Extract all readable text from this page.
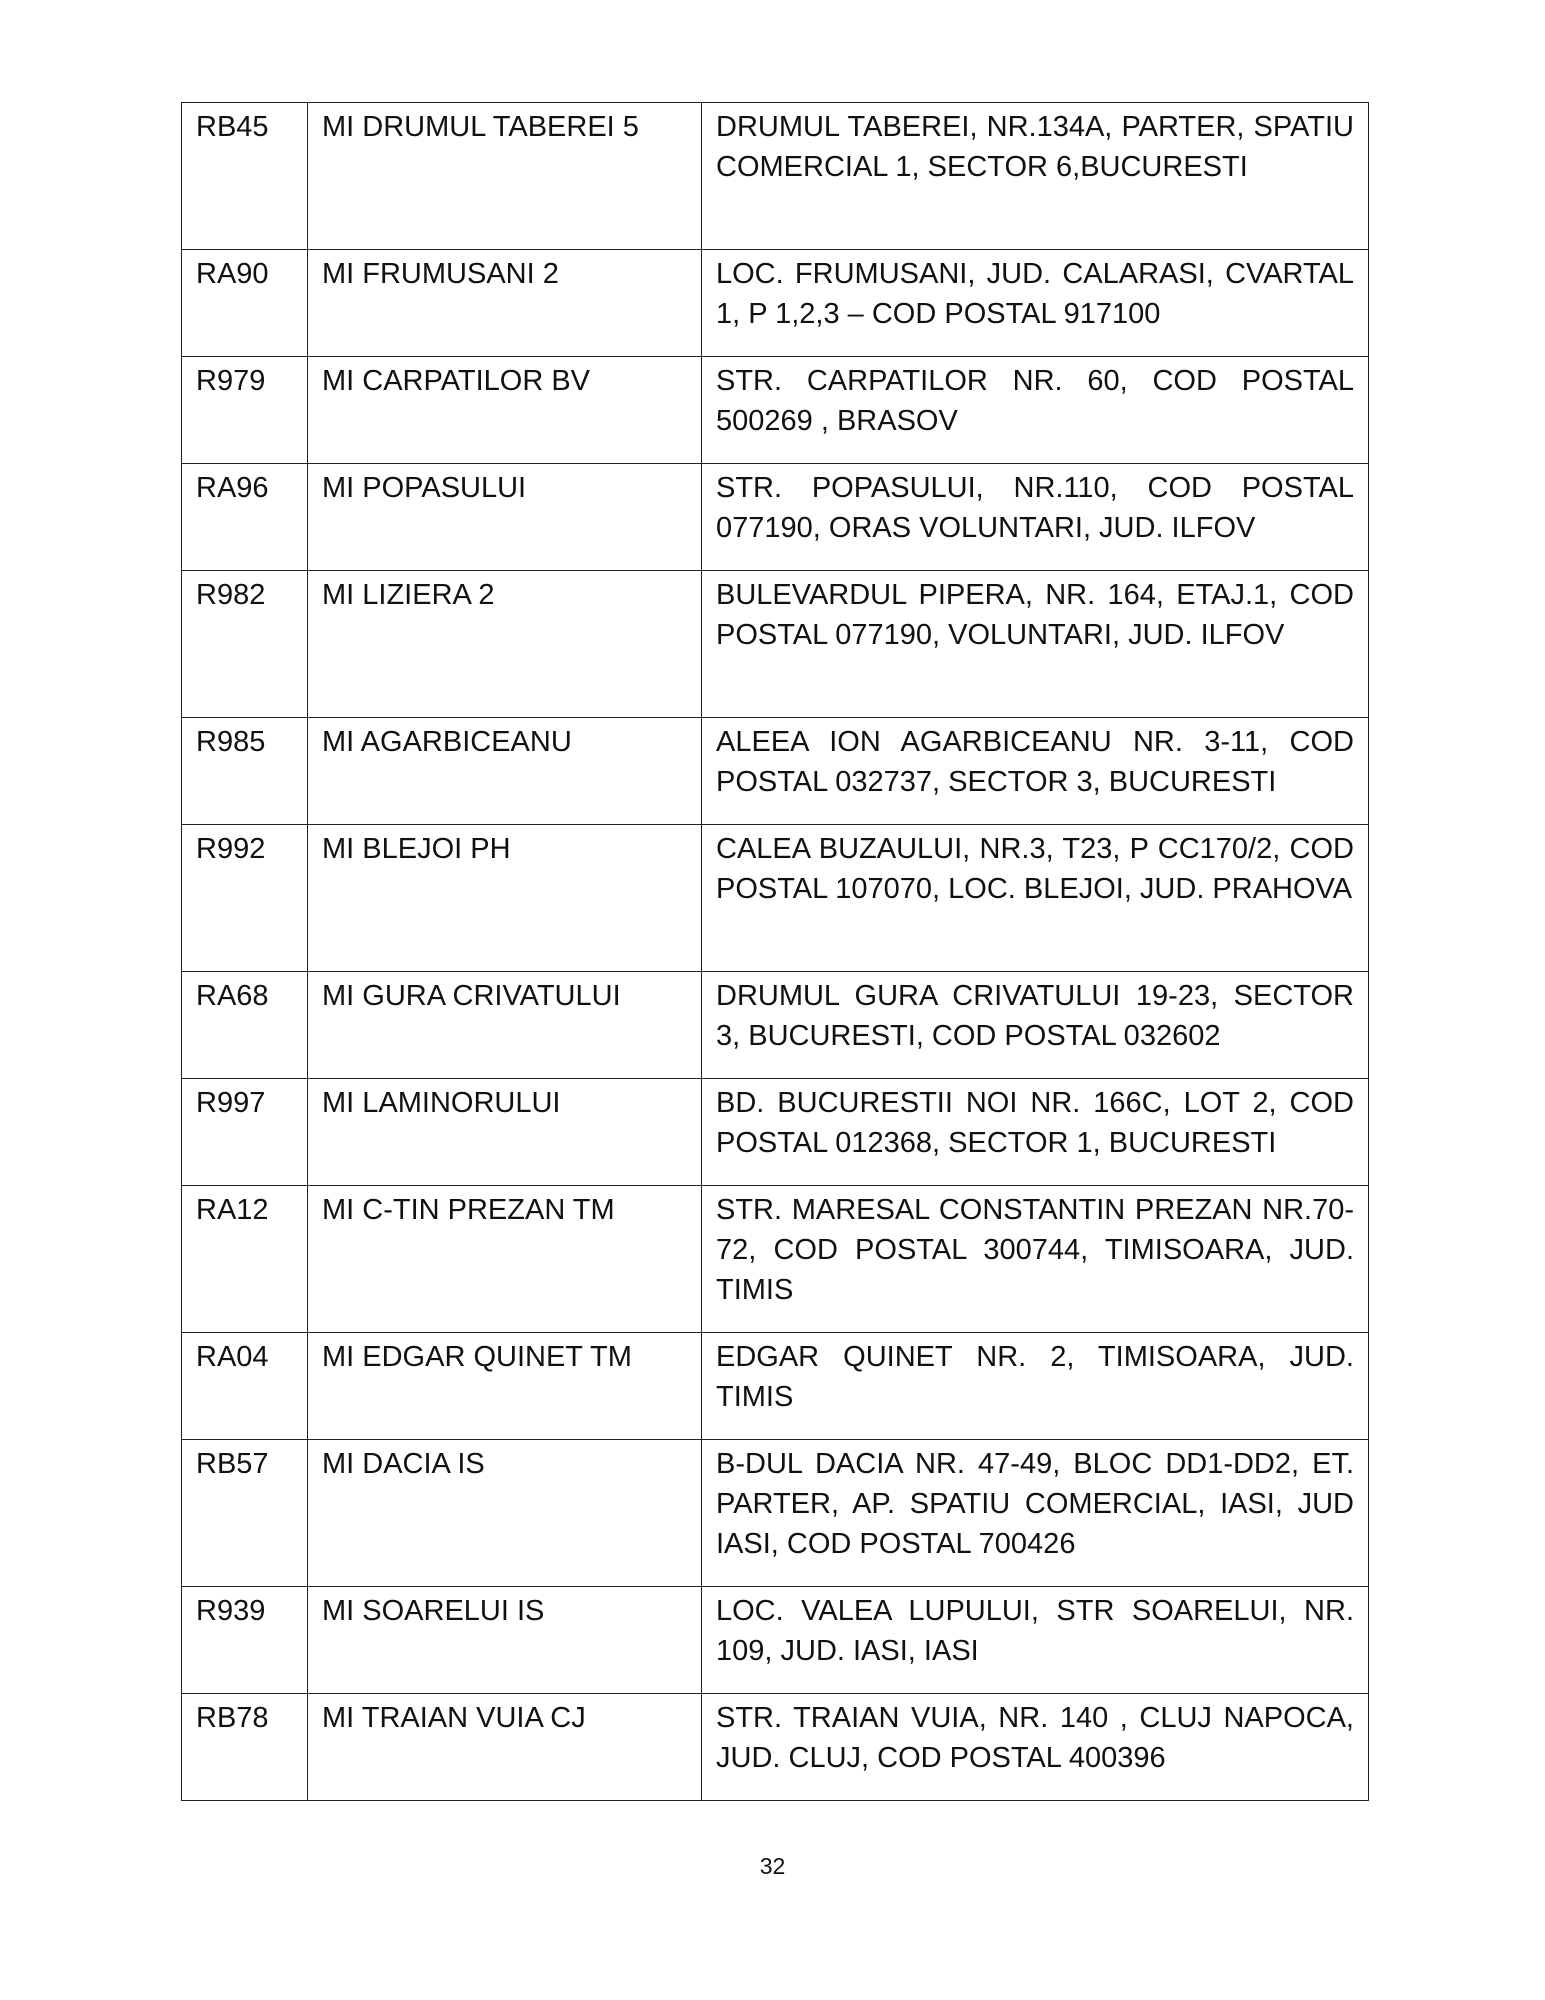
RB45	MI DRUMUL TABEREI 5	DRUMUL TABEREI, NR.134A, PARTER, SPATIU COMERCIAL 1, SECTOR 6,BUCURESTI
RA90	MI FRUMUSANI 2	LOC. FRUMUSANI, JUD. CALARASI, CVARTAL 1, P 1,2,3 – COD POSTAL 917100
R979	MI CARPATILOR BV	STR. CARPATILOR NR. 60, COD POSTAL 500269 , BRASOV
RA96	MI POPASULUI	STR. POPASULUI, NR.110, COD POSTAL 077190, ORAS VOLUNTARI, JUD. ILFOV
R982	MI LIZIERA 2	BULEVARDUL PIPERA, NR. 164, ETAJ.1, COD POSTAL 077190, VOLUNTARI, JUD. ILFOV
R985	MI AGARBICEANU	ALEEA ION AGARBICEANU NR. 3-11, COD POSTAL 032737, SECTOR 3, BUCURESTI
R992	MI BLEJOI PH	CALEA BUZAULUI, NR.3, T23, P CC170/2, COD POSTAL 107070, LOC. BLEJOI, JUD. PRAHOVA
RA68	MI GURA CRIVATULUI	DRUMUL GURA CRIVATULUI 19-23, SECTOR 3, BUCURESTI, COD POSTAL 032602
R997	MI LAMINORULUI	BD. BUCURESTII NOI NR. 166C, LOT 2, COD POSTAL 012368, SECTOR 1, BUCURESTI
RA12	MI C-TIN PREZAN TM	STR. MARESAL CONSTANTIN PREZAN NR.70-72, COD POSTAL 300744, TIMISOARA, JUD. TIMIS
RA04	MI EDGAR QUINET TM	EDGAR QUINET NR. 2, TIMISOARA, JUD. TIMIS
RB57	MI DACIA IS	B-DUL DACIA NR. 47-49, BLOC DD1-DD2, ET. PARTER, AP. SPATIU COMERCIAL, IASI, JUD IASI, COD POSTAL 700426
R939	MI SOARELUI IS	LOC. VALEA LUPULUI, STR SOARELUI, NR. 109, JUD. IASI, IASI
RB78	MI TRAIAN VUIA CJ	STR. TRAIAN VUIA, NR. 140 , CLUJ NAPOCA, JUD. CLUJ, COD POSTAL 400396
32
